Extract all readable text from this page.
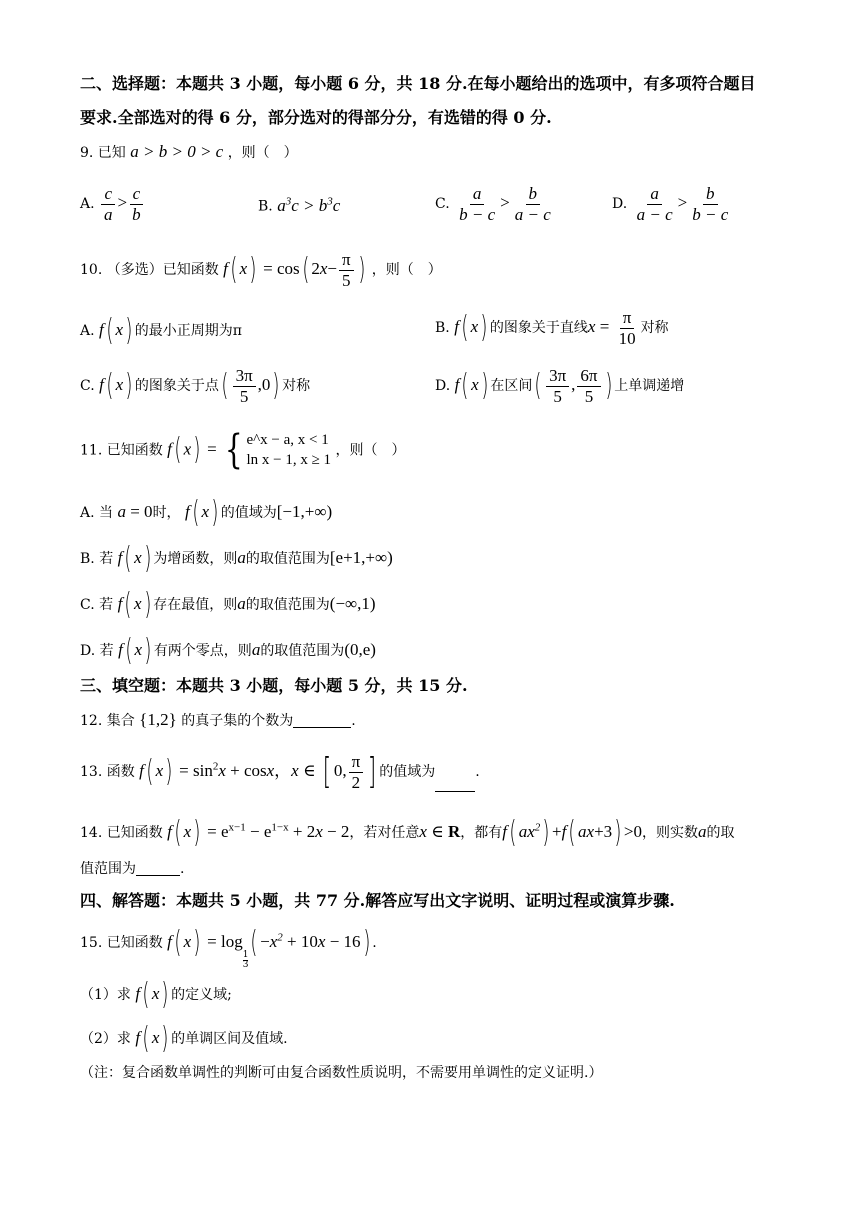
二、选择题：本题共 3 小题，每小题 6 分，共 18 分.在每小题给出的选项中，有多项符合题目
要求.全部选对的得 6 分，部分选对的得部分分，有选错的得 0 分.
9. 已知 a > b > 0 > c ，则（　）
A. $\frac{c}{a} > \frac{c}{b}$	B. $a^3c > b^3c$	C. $\frac{a}{b - c} > \frac{b}{a - c}$	D. $\frac{a}{a - c} > \frac{b}{b - c}$
10. （多选）已知函数 f( x) = cos( $2x- \frac{\pi}{5}$ ) ，则（　）
A. f( x) 的最小正周期为π	B. f( x) 的图象关于直线$x = \frac{\pi}{10}$ 对称
C. f( x) 的图象关于点( $\frac{3\pi}{5} ,0$) 对称	D. f( x) 在区间( $\frac{3\pi}{5}$ , $\frac{6\pi}{5}$ ) 上单调递增
11. 已知函数 f( x) = { e^x − a, x < 1
ln x − 1, x ≥ 1
，则（　）
A. 当 a = 0时， f( x) 的值域为[−1,+∞)
B. 若 f( x) 为增函数，则a的取值范围为[e+1,+∞)
C. 若 f( x) 存在最值，则a的取值范围为(−∞,1)
D. 若 f( x) 有两个零点，则a的取值范围为(0,e)
三、填空题：本题共 3 小题，每小题 5 分，共 15 分.
12. 集合 {1,2} 的真子集的个数为	.
13. 函数 f( $x) = \sin^2x + \cos x$，x ∈ [ 0, $\frac{\pi}{2}$ ] 的值域为	.
14. 已知函数 f( $x) = e^{x-1} - e^{1-x} + 2x - 2$，若对任意x ∈ R，都有f( $ax^2) +f$( ax+3) >0，则实数a的取
值范围为	.
四、解答题：本题共 5 小题，共 77 分.解答应写出文字说明、证明过程或演算步骤.
15. 已知函数 f( x) = log
$\frac{1}{3}$
( $-x^2 + 10x - 16$) .
（1）求 f( x) 的定义域;
（2）求 f( x) 的单调区间及值域.
（注：复合函数单调性的判断可由复合函数性质说明，不需要用单调性的定义证明.）
